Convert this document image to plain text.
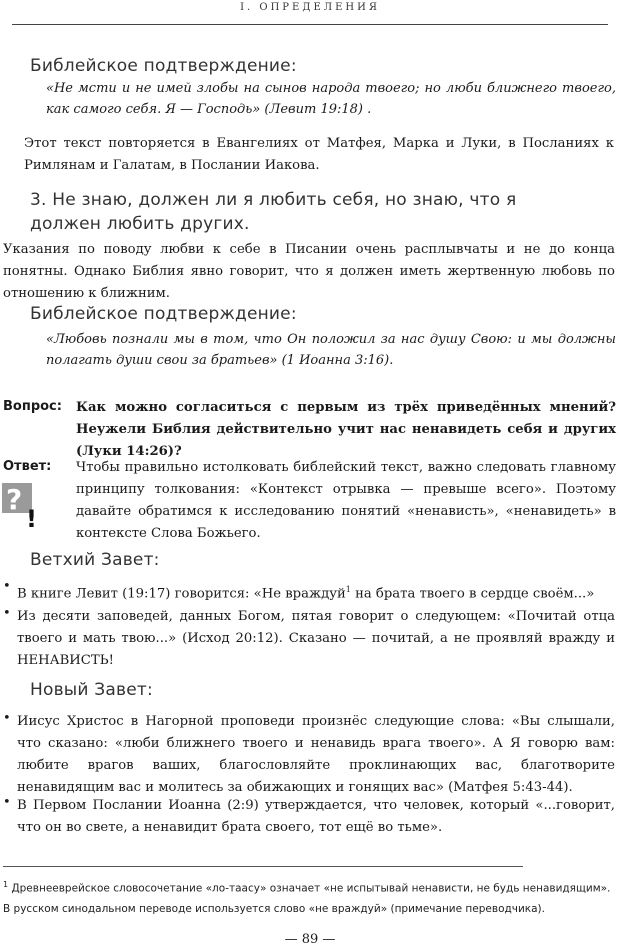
I. ОПРЕДЕЛЕНИЯ
Библейское подтверждение:
«Не мсти и не имей злобы на сынов народа твоего; но люби ближнего твоего, как самого себя. Я — Господь» (Левит 19:18) .
Этот текст повторяется в Евангелиях от Матфея, Марка и Луки, в Посланиях к Римлянам и Галатам, в Послании Иакова.
3. Не знаю, должен ли я любить себя, но знаю, что я должен любить других.
Указания по поводу любви к себе в Писании очень расплывчаты и не до конца понятны. Однако Библия явно говорит, что я должен иметь жертвенную любовь по отношению к ближним.
Библейское подтверждение:
«Любовь познали мы в том, что Он положил за нас душу Свою: и мы должны полагать души свои за братьев» (1 Иоанна 3:16).
Вопрос: Как можно согласиться с первым из трёх приведённых мнений? Неужели Библия действительно учит нас ненавидеть себя и других (Луки 14:26)?
Ответ:
?
!
Чтобы правильно истолковать библейский текст, важно следовать главному принципу толкования: «Контекст отрывка — превыше всего». Поэтому давайте обратимся к исследованию понятий «ненависть», «ненавидеть» в контексте Слова Божьего.
Ветхий Завет:
• В книге Левит (19:17) говорится: «Не враждуй$^1$ на брата твоего в сердце своём...»
• Из десяти заповедей, данных Богом, пятая говорит о следующем: «Почитай отца твоего и мать твою...» (Исход 20:12). Сказано — почитай, а не проявляй вражду и НЕНАВИСТЬ!
Новый Завет:
• Иисус Христос в Нагорной проповеди произнёс следующие слова: «Вы слышали, что сказано: «люби ближнего твоего и ненавидь врага твоего». А Я говорю вам: любите врагов ваших, благословляйте проклинающих вас, благотворите ненавидящим вас и молитесь за обижающих и гонящих вас» (Матфея 5:43-44).
• В Первом Послании Иоанна (2:9) утверждается, что человек, который «...говорит, что он во свете, а ненавидит брата своего, тот ещё во тьме».
$^1$ Древнееврейское словосочетание «ло-таасу» означает «не испытывай ненависти, не будь ненавидящим». В русском синодальном переводе используется слово «не враждуй» (примечание переводчика).
— 89 —
